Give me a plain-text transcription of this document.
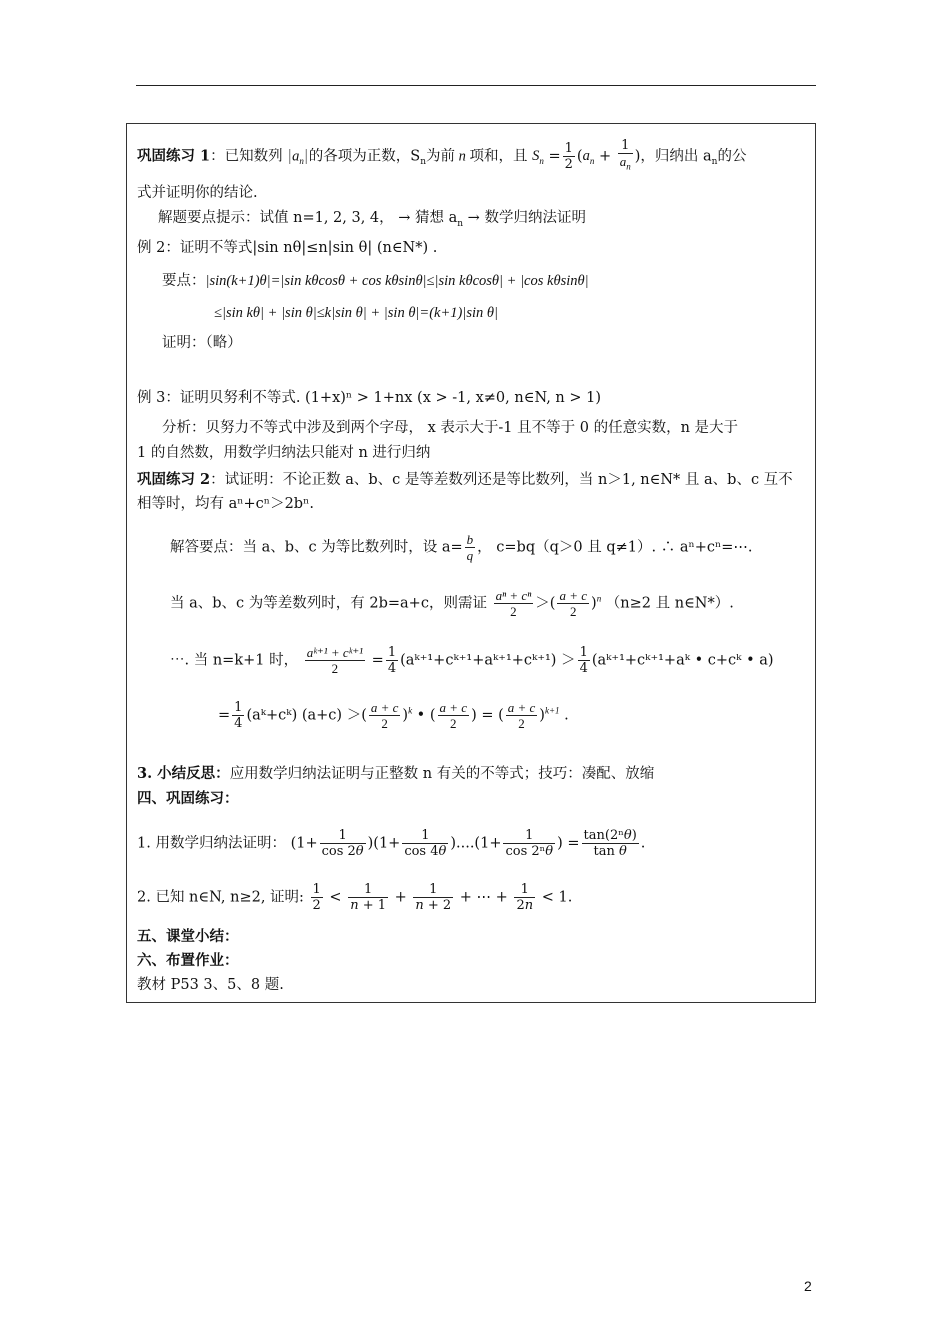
巩固练习 1：已知数列 $|a_n|$的各项为正数，$S_n$为前 n 项和，且 $S_n = \frac{1}{2} (a_n + \frac{1}{a_n}$ )，归纳出 $a_n$的公
式并证明你的结论.
解题要点提示：试值 n=1, 2, 3, 4， → 猜想 $a_n$ → 数学归纳法证明
例 2：证明不等式|sin nθ|≤n|sin θ| (n∈N*) .
要点：|sin(k+1)θ|=|sin kθcosθ + cos kθsinθ|≤|sin kθcosθ| + |cos kθsinθ|
≤|sin kθ| + |sin θ|≤k|sin θ| + |sin θ|=(k+1)|sin θ|
证明：（略）
例 3：证明贝努利不等式. (1+x)ⁿ > 1+nx (x > -1, x≠0, n∈N, n > 1)
分析：贝努力不等式中涉及到两个字母， x 表示大于-1 且不等于 0 的任意实数，n 是大于
1 的自然数，用数学归纳法只能对 n 进行归纳
巩固练习 2：试证明：不论正数 a、b、c 是等差数列还是等比数列，当 n＞1, n∈N* 且 a、b、c 互不
相等时，均有 aⁿ+cⁿ＞2bⁿ.
解答要点：当 a、b、c 为等比数列时，设 $a= \frac{b}{q}$ ， c=bq（q＞0 且 q≠1）. ∴ aⁿ+cⁿ=⋯.
当 a、b、c 为等差数列时，有 2b=a+c，则需证 $\frac{\text{aⁿ + cⁿ}}{2}$ ＞( $\frac{a + c}{2} )^n$ （n≥2 且 n∈N*）.
⋯. 当 n=k+1 时， $\frac{\text{aᵏ⁺¹ + cᵏ⁺¹}}{2} = \frac{1}{4}$ (aᵏ⁺¹+cᵏ⁺¹+aᵏ⁺¹+cᵏ⁺¹) ＞ $\frac{1}{4}$ (aᵏ⁺¹+cᵏ⁺¹+aᵏ • c+cᵏ • a)
= $\frac{1}{4}$ (aᵏ+cᵏ) (a+c) ＞( $\frac{a + c}{2} )^k$ • ( $\frac{a + c}{2}$ ) = ( $\frac{a + c}{2} )^{k+1}$ .
3. 小结反思：应用数学归纳法证明与正整数 n 有关的不等式；技巧：凑配、放缩
四、巩固练习：
1. 用数学归纳法证明： $(1+ \frac{1}{\cos 2\theta} )(1+ \frac{1}{\cos 4\theta} )....(1+ \frac{1}{\text{cos 2ⁿθ}}$ ) = $\frac{\text{tan(2ⁿθ)}}{\text{tan θ}}$ .
2. 已知 n∈N, n≥2, 证明: $\frac{1}{2} < \frac{1}{n + 1} + \frac{1}{n + 2}$ + ⋯ + $\frac{1}{2n} < 1$.
五、课堂小结：
六、布置作业：
教材 P53 3、5、8 题.
2
